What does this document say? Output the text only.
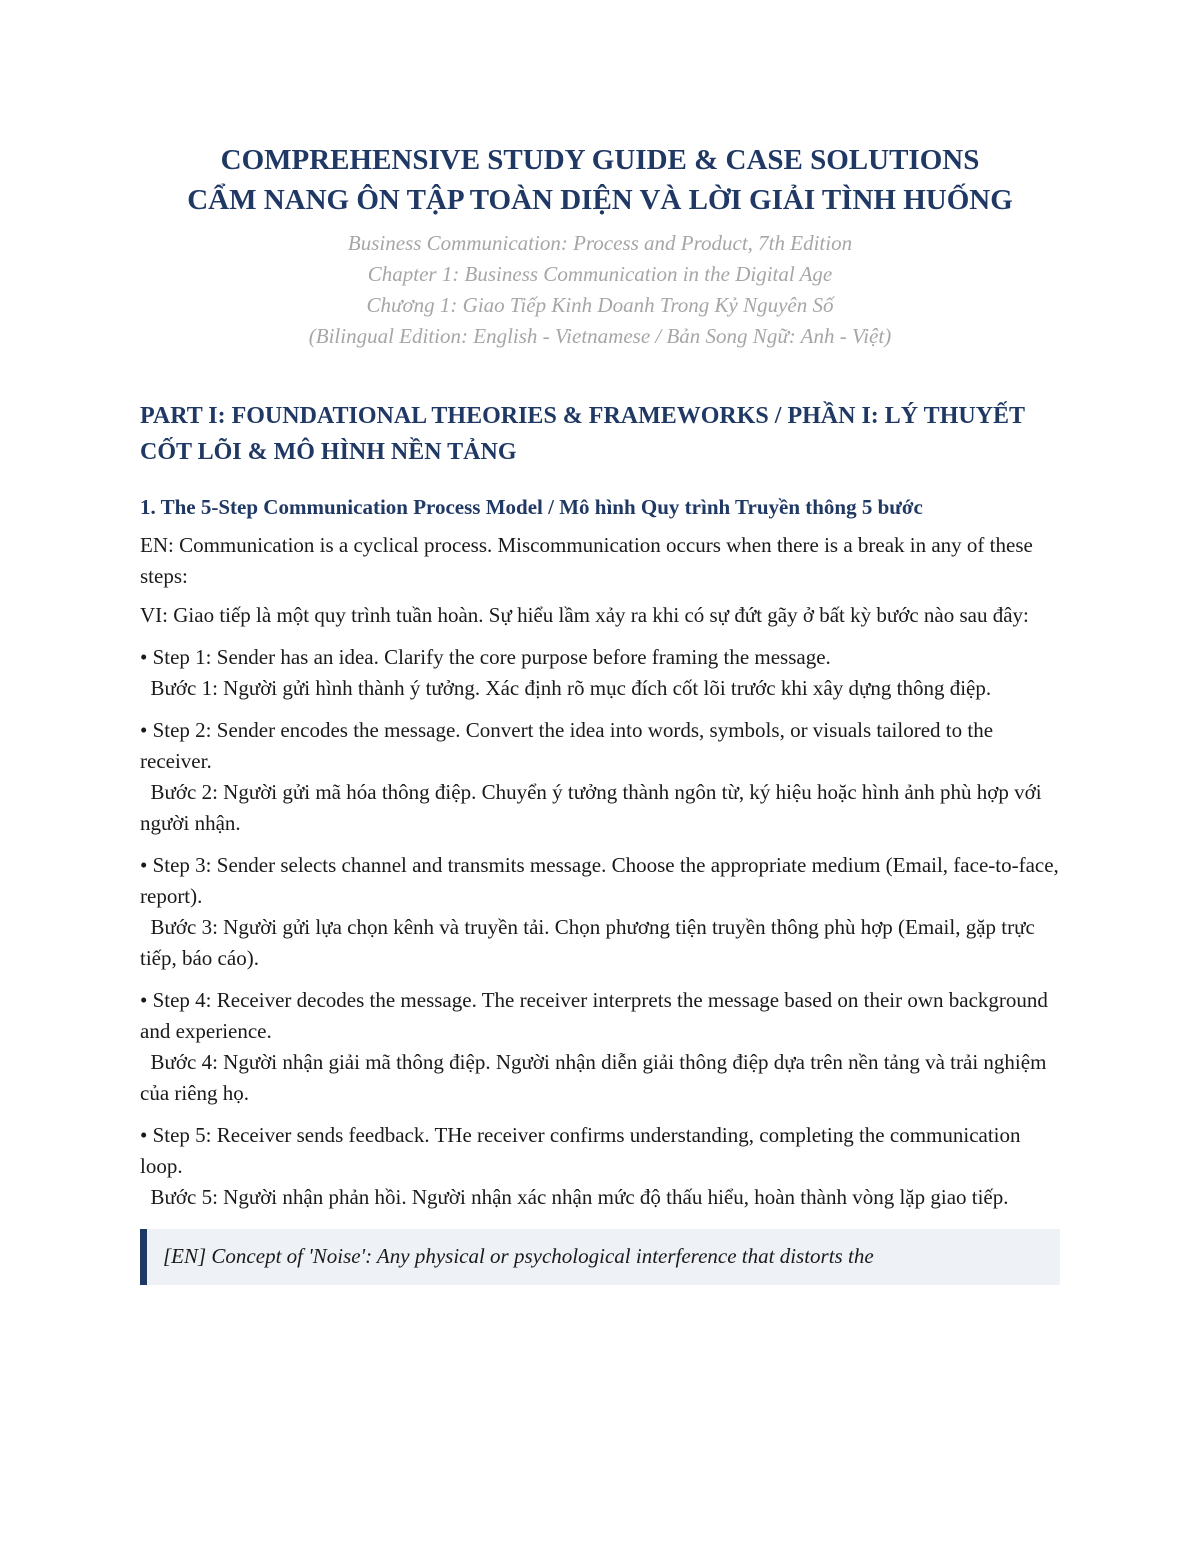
COMPREHENSIVE STUDY GUIDE & CASE SOLUTIONS
CẨM NANG ÔN TẬP TOÀN DIỆN VÀ LỜI GIẢI TÌNH HUỐNG
Business Communication: Process and Product, 7th Edition
Chapter 1: Business Communication in the Digital Age
Chương 1: Giao Tiếp Kinh Doanh Trong Kỷ Nguyên Số
(Bilingual Edition: English - Vietnamese / Bản Song Ngữ: Anh - Việt)
PART I: FOUNDATIONAL THEORIES & FRAMEWORKS / PHẦN I: LÝ THUYẾT CỐT LÕI & MÔ HÌNH NỀN TẢNG
1. The 5-Step Communication Process Model / Mô hình Quy trình Truyền thông 5 bước

EN: Communication is a cyclical process. Miscommunication occurs when there is a break in any of these steps:

VI: Giao tiếp là một quy trình tuần hoàn. Sự hiểu lầm xảy ra khi có sự đứt gãy ở bất kỳ bước nào sau đây:

• Step 1: Sender has an idea. Clarify the core purpose before framing the message.
Bước 1: Người gửi hình thành ý tưởng. Xác định rõ mục đích cốt lõi trước khi xây dựng thông điệp.
• Step 2: Sender encodes the message. Convert the idea into words, symbols, or visuals tailored to the receiver.
Bước 2: Người gửi mã hóa thông điệp. Chuyển ý tưởng thành ngôn từ, ký hiệu hoặc hình ảnh phù hợp với người nhận.
• Step 3: Sender selects channel and transmits message. Choose the appropriate medium (Email, face-to-face, report).
Bước 3: Người gửi lựa chọn kênh và truyền tải. Chọn phương tiện truyền thông phù hợp (Email, gặp trực tiếp, báo cáo).
• Step 4: Receiver decodes the message. The receiver interprets the message based on their own background and experience.
Bước 4: Người nhận giải mã thông điệp. Người nhận diễn giải thông điệp dựa trên nền tảng và trải nghiệm của riêng họ.
• Step 5: Receiver sends feedback. THe receiver confirms understanding, completing the communication loop.
Bước 5: Người nhận phản hồi. Người nhận xác nhận mức độ thấu hiểu, hoàn thành vòng lặp giao tiếp.
[EN] Concept of 'Noise': Any physical or psychological interference that distorts the
